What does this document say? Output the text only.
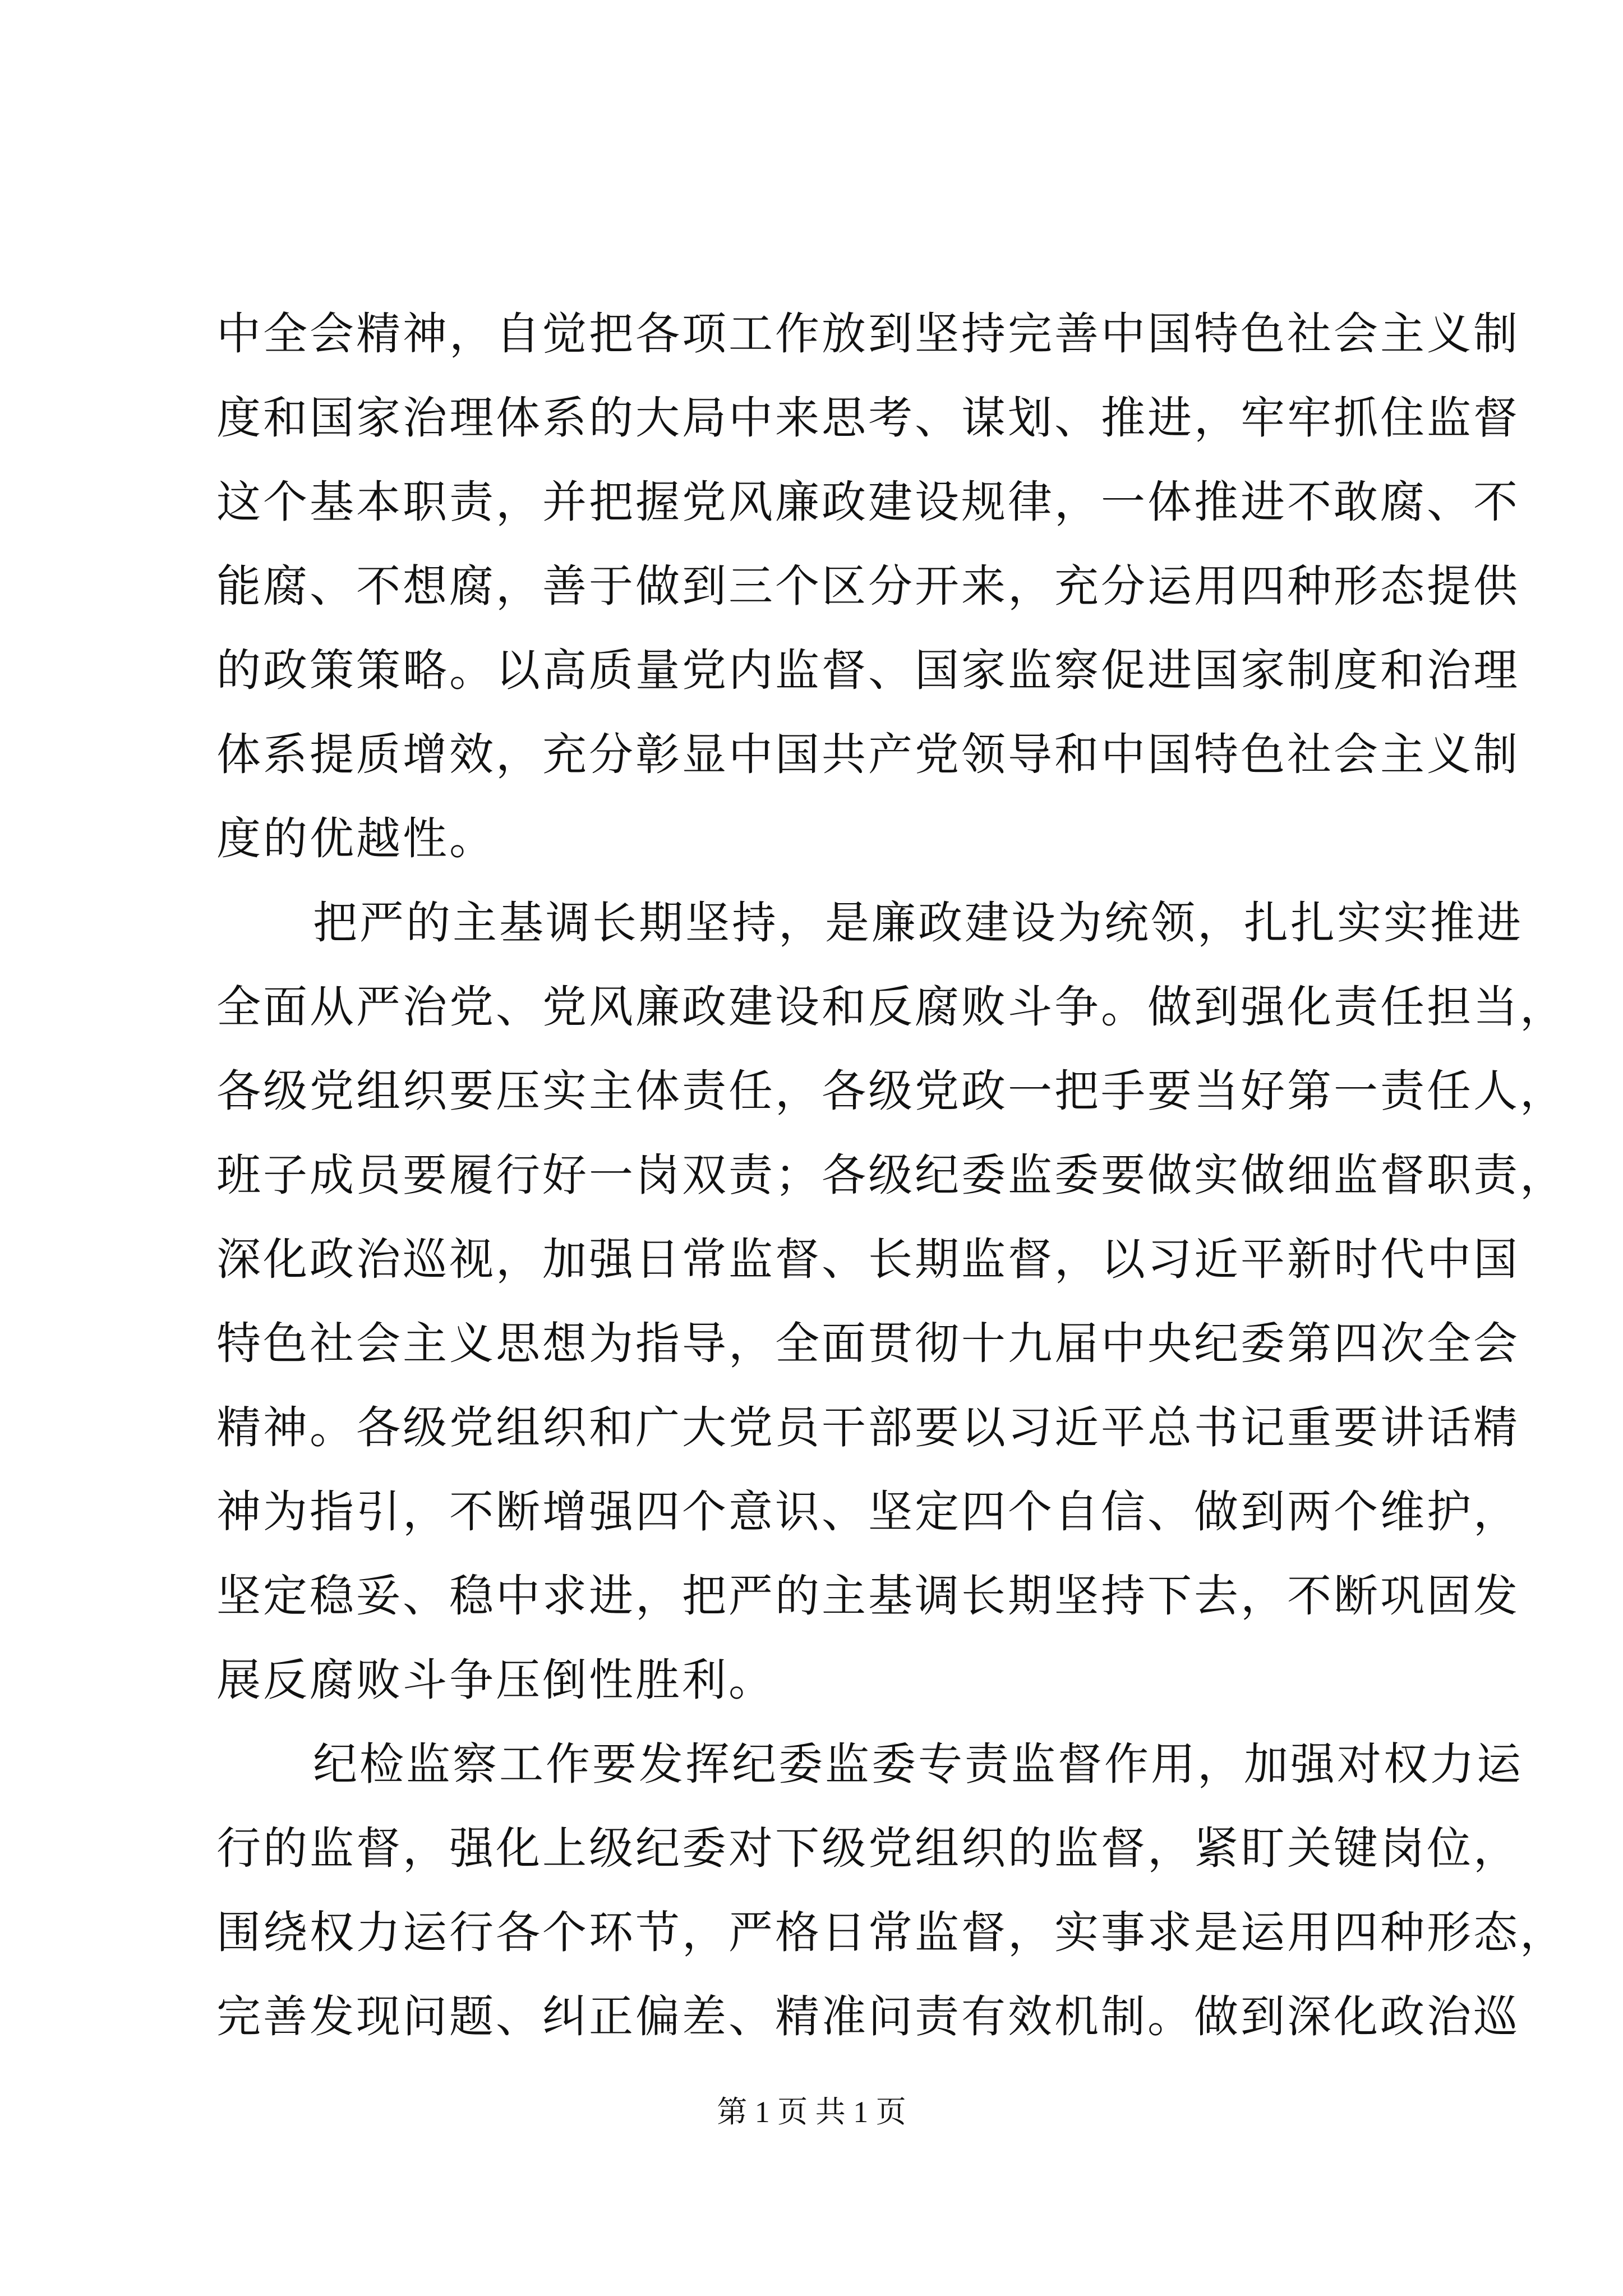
中全会精神，自觉把各项工作放到坚持完善中国特色社会主义制
度和国家治理体系的大局中来思考、谋划、推进，牢牢抓住监督
这个基本职责，并把握党风廉政建设规律，一体推进不敢腐、不
能腐、不想腐，善于做到三个区分开来，充分运用四种形态提供
的政策策略。以高质量党内监督、国家监察促进国家制度和治理
体系提质增效，充分彰显中国共产党领导和中国特色社会主义制
度的优越性。
把严的主基调长期坚持，是廉政建设为统领，扎扎实实推进
全面从严治党、党风廉政建设和反腐败斗争。做到强化责任担当，
各级党组织要压实主体责任，各级党政一把手要当好第一责任人，
班子成员要履行好一岗双责；各级纪委监委要做实做细监督职责，
深化政治巡视，加强日常监督、长期监督，以习近平新时代中国
特色社会主义思想为指导，全面贯彻十九届中央纪委第四次全会
精神。各级党组织和广大党员干部要以习近平总书记重要讲话精
神为指引，不断增强四个意识、坚定四个自信、做到两个维护，
坚定稳妥、稳中求进，把严的主基调长期坚持下去，不断巩固发
展反腐败斗争压倒性胜利。
纪检监察工作要发挥纪委监委专责监督作用，加强对权力运
行的监督，强化上级纪委对下级党组织的监督，紧盯关键岗位，
围绕权力运行各个环节，严格日常监督，实事求是运用四种形态，
完善发现问题、纠正偏差、精准问责有效机制。做到深化政治巡
第 1 页 共 1 页
